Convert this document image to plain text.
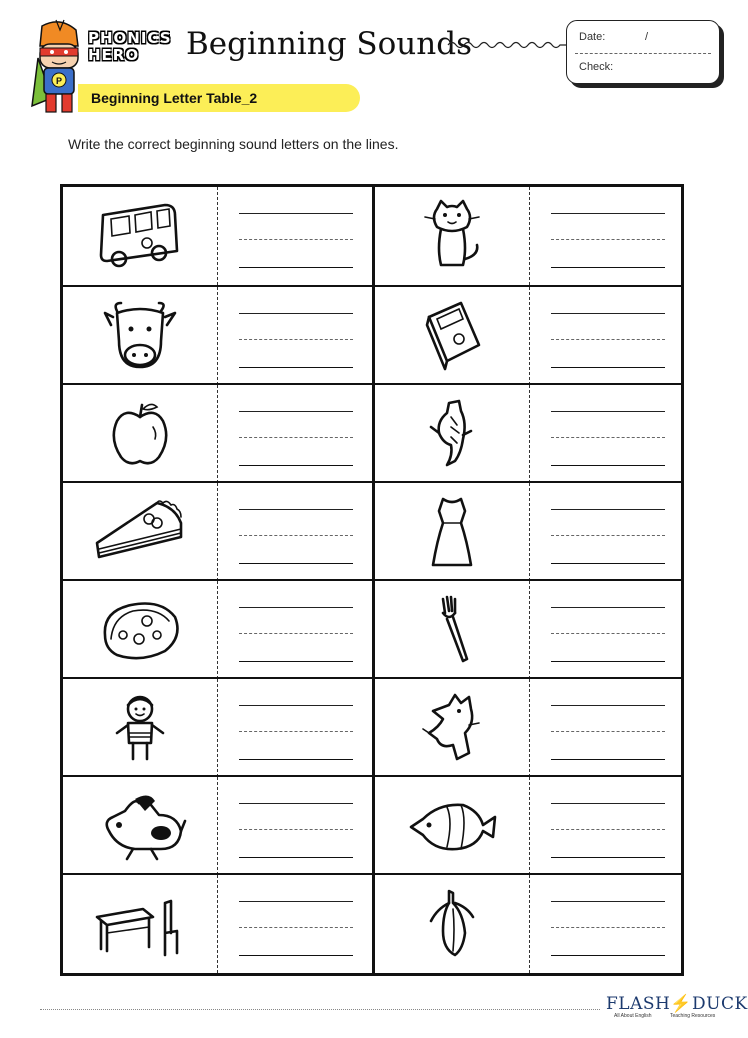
P
PHONICS
HERO	Beginning Sounds	Date:	/
Check:
Beginning Letter Table_2
Write the correct beginning sound letters on the lines.
FLASH⚡DUCK
All About English	Teaching Resources
